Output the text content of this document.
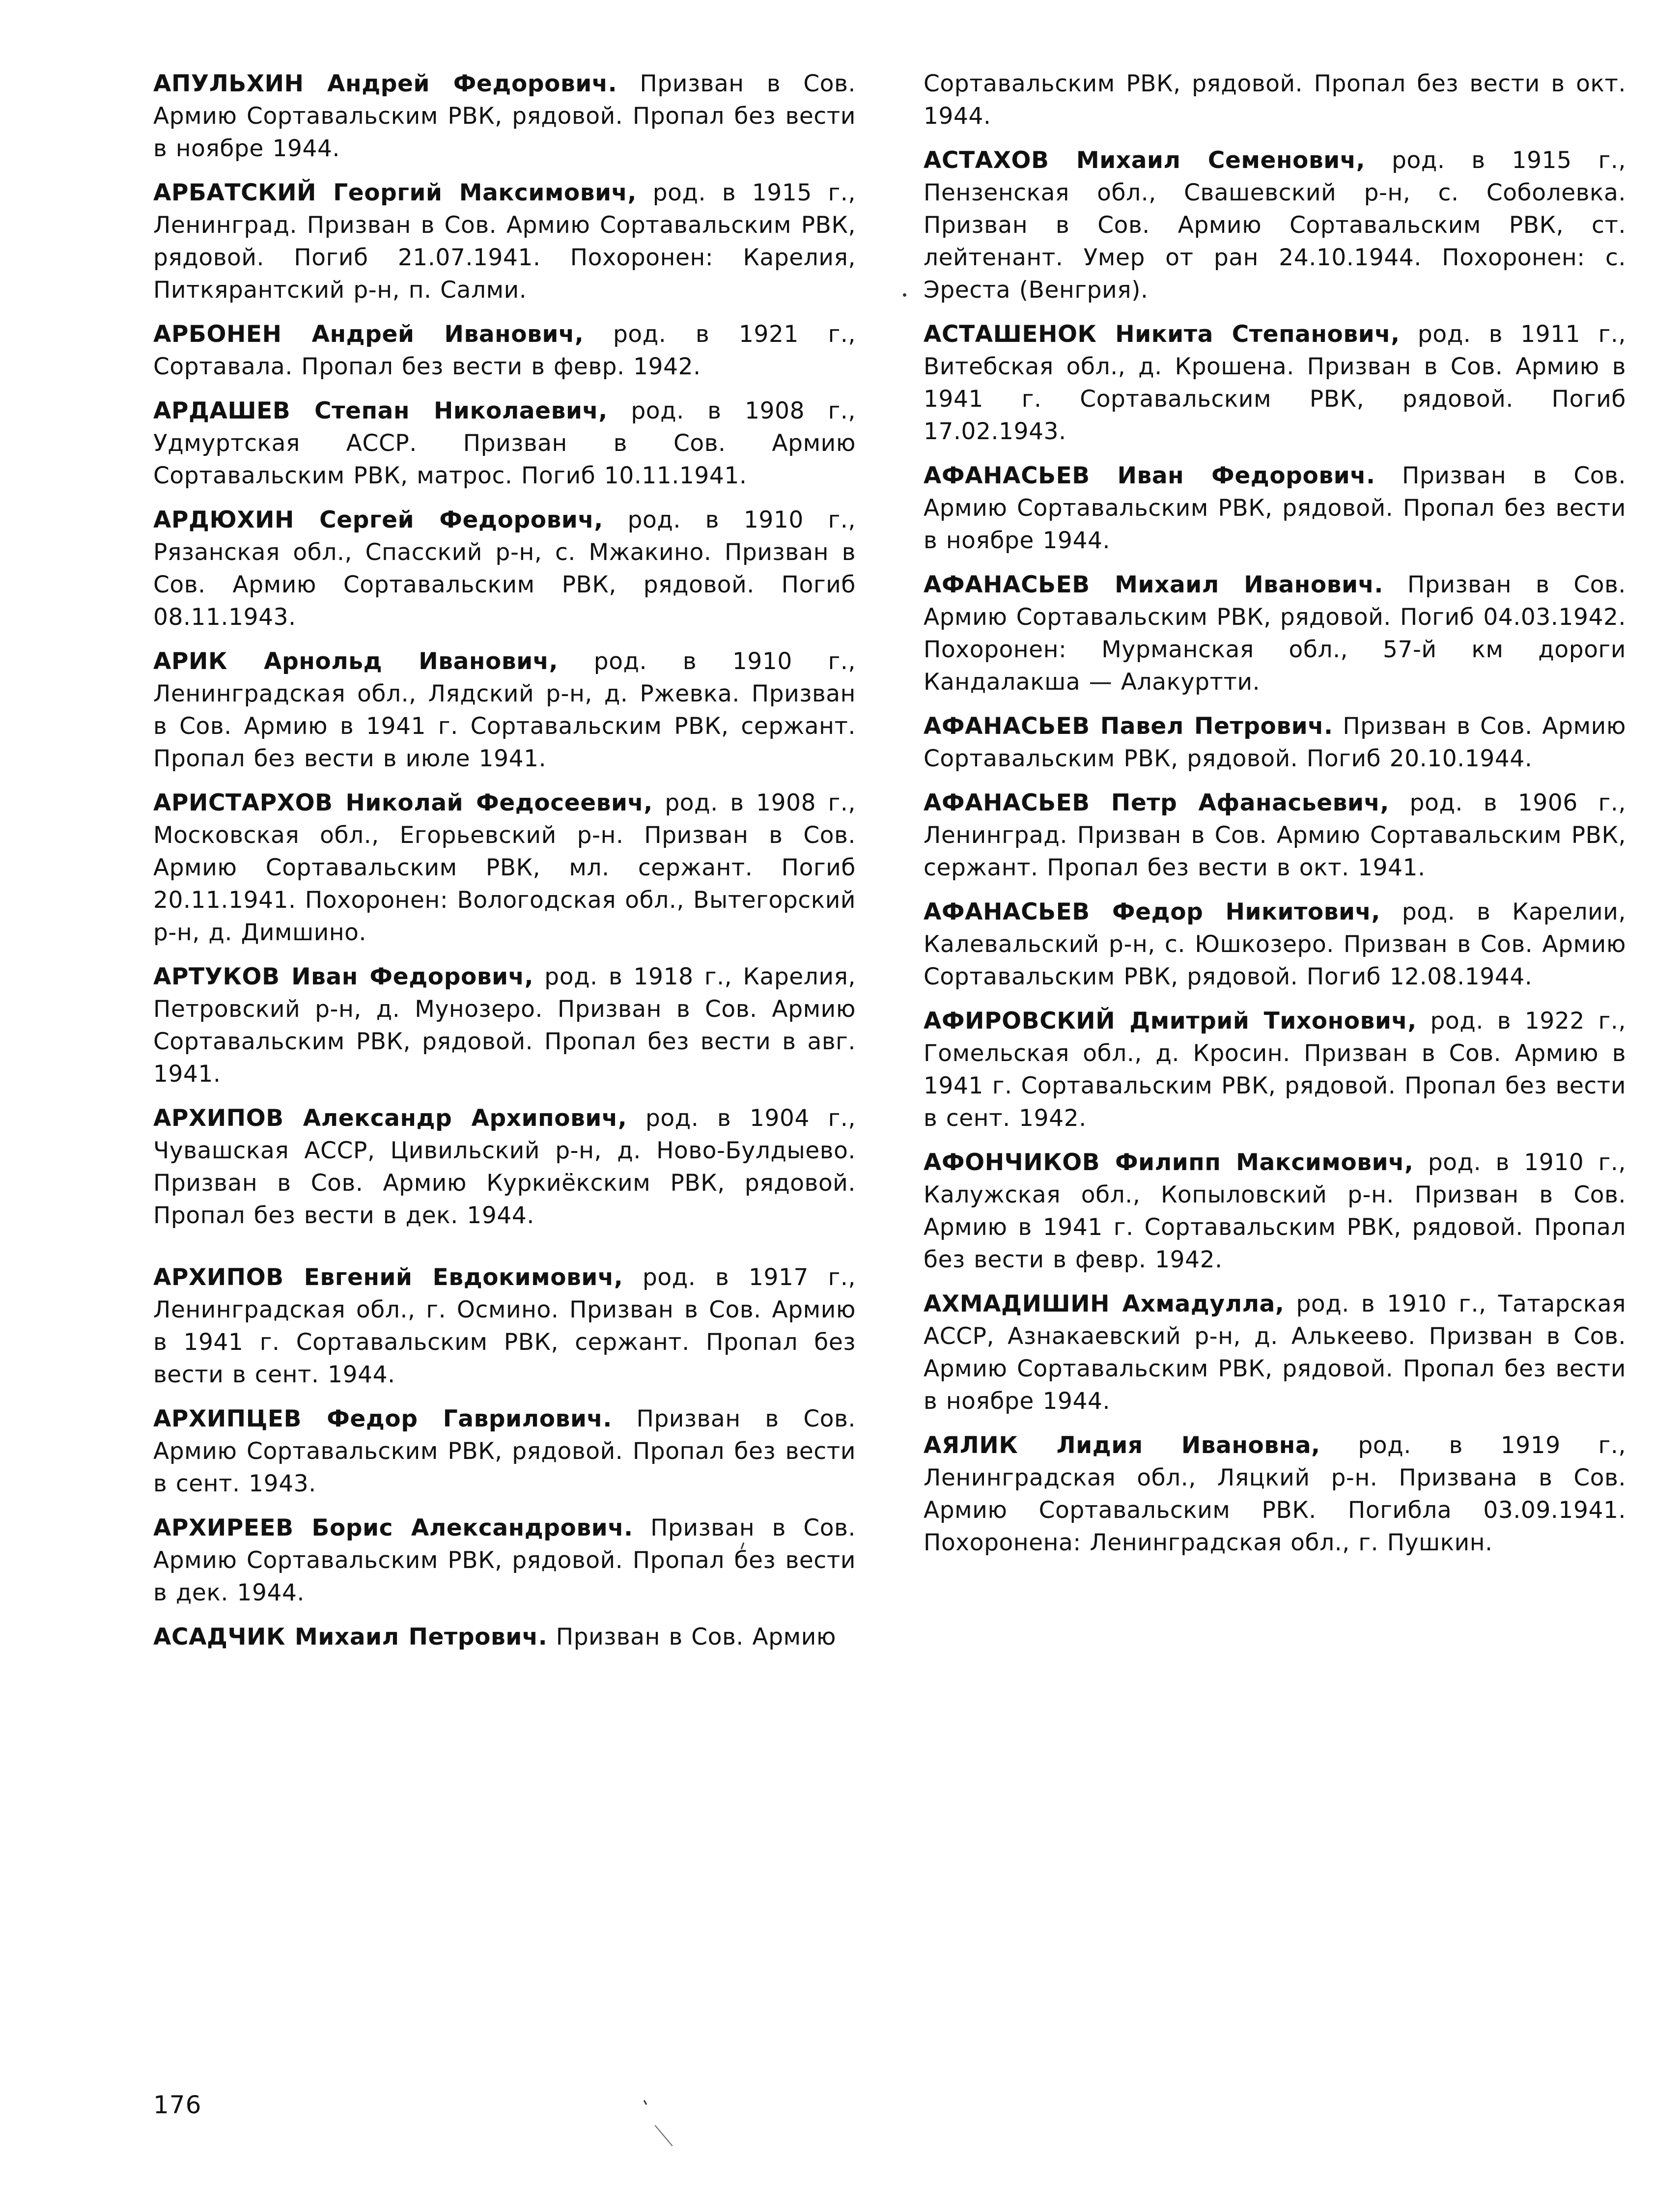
АПУЛЬХИН Андрей Федорович. Призван в Сов. Армию Сортавальским РВК, рядовой. Пропал без вести в ноябре 1944.

АРБАТСКИЙ Георгий Максимович, род. в 1915 г., Ленинград. Призван в Сов. Армию Сортавальским РВК, рядовой. Погиб 21.07.1941. Похоронен: Карелия, Питкярантский р-н, п. Салми.

АРБОНЕН Андрей Иванович, род. в 1921 г., Сортавала. Пропал без вести в февр. 1942.

АРДАШЕВ Степан Николаевич, род. в 1908 г., Удмуртская АССР. Призван в Сов. Армию Сортавальским РВК, матрос. Погиб 10.11.1941.

АРДЮХИН Сергей Федорович, род. в 1910 г., Рязанская обл., Спасский р-н, с. Мжакино. Призван в Сов. Армию Сортавальским РВК, рядовой. Погиб 08.11.1943.

АРИК Арнольд Иванович, род. в 1910 г., Ленинградская обл., Лядский р-н, д. Ржевка. Призван в Сов. Армию в 1941 г. Сортавальским РВК, сержант. Пропал без вести в июле 1941.

АРИСТАРХОВ Николай Федосеевич, род. в 1908 г., Московская обл., Егорьевский р-н. Призван в Сов. Армию Сортавальским РВК, мл. сержант. Погиб 20.11.1941. Похоронен: Вологодская обл., Вытегорский р-н, д. Димшино.

АРТУКОВ Иван Федорович, род. в 1918 г., Карелия, Петровский р-н, д. Мунозеро. Призван в Сов. Армию Сортавальским РВК, рядовой. Пропал без вести в авг. 1941.

АРХИПОВ Александр Архипович, род. в 1904 г., Чувашская АССР, Цивильский р-н, д. Ново-Булдыево. Призван в Сов. Армию Куркиёкским РВК, рядовой. Пропал без вести в дек. 1944.

АРХИПОВ Евгений Евдокимович, род. в 1917 г., Ленинградская обл., г. Осмино. Призван в Сов. Армию в 1941 г. Сортавальским РВК, сержант. Пропал без вести в сент. 1944.

АРХИПЦЕВ Федор Гаврилович. Призван в Сов. Армию Сортавальским РВК, рядовой. Пропал без вести в сент. 1943.

АРХИРЕЕВ Борис Александрович. Призван в Сов. Армию Сортавальским РВК, рядовой. Пропал без вести в дек. 1944.

АСАДЧИК Михаил Петрович. Призван в Сов. Армию

Сортавальским РВК, рядовой. Пропал без вести в окт. 1944.

АСТАХОВ Михаил Семенович, род. в 1915 г., Пензенская обл., Свашевский р-н, с. Соболевка. Призван в Сов. Армию Сортавальским РВК, ст. лейтенант. Умер от ран 24.10.1944. Похоронен: с. Эреста (Венгрия).

АСТАШЕНОК Никита Степанович, род. в 1911 г., Витебская обл., д. Крошена. Призван в Сов. Армию в 1941 г. Сортавальским РВК, рядовой. Погиб 17.02.1943.

АФАНАСЬЕВ Иван Федорович. Призван в Сов. Армию Сортавальским РВК, рядовой. Пропал без вести в ноябре 1944.

АФАНАСЬЕВ Михаил Иванович. Призван в Сов. Армию Сортавальским РВК, рядовой. Погиб 04.03.1942. Похоронен: Мурманская обл., 57-й км дороги Кандалакша — Алакуртти.

АФАНАСЬЕВ Павел Петрович. Призван в Сов. Армию Сортавальским РВК, рядовой. Погиб 20.10.1944.

АФАНАСЬЕВ Петр Афанасьевич, род. в 1906 г., Ленинград. Призван в Сов. Армию Сортавальским РВК, сержант. Пропал без вести в окт. 1941.

АФАНАСЬЕВ Федор Никитович, род. в Карелии, Калевальский р-н, с. Юшкозеро. Призван в Сов. Армию Сортавальским РВК, рядовой. Погиб 12.08.1944.

АФИРОВСКИЙ Дмитрий Тихонович, род. в 1922 г., Гомельская обл., д. Кросин. Призван в Сов. Армию в 1941 г. Сортавальским РВК, рядовой. Пропал без вести в сент. 1942.

АФОНЧИКОВ Филипп Максимович, род. в 1910 г., Калужская обл., Копыловский р-н. Призван в Сов. Армию в 1941 г. Сортавальским РВК, рядовой. Пропал без вести в февр. 1942.

АХМАДИШИН Ахмадулла, род. в 1910 г., Татарская АССР, Азнакаевский р-н, д. Алькеево. Призван в Сов. Армию Сортавальским РВК, рядовой. Пропал без вести в ноябре 1944.

АЯЛИК Лидия Ивановна, род. в 1919 г., Ленинградская обл., Ляцкий р-н. Призвана в Сов. Армию Сортавальским РВК. Погибла 03.09.1941. Похоронена: Ленинградская обл., г. Пушкин.

176
